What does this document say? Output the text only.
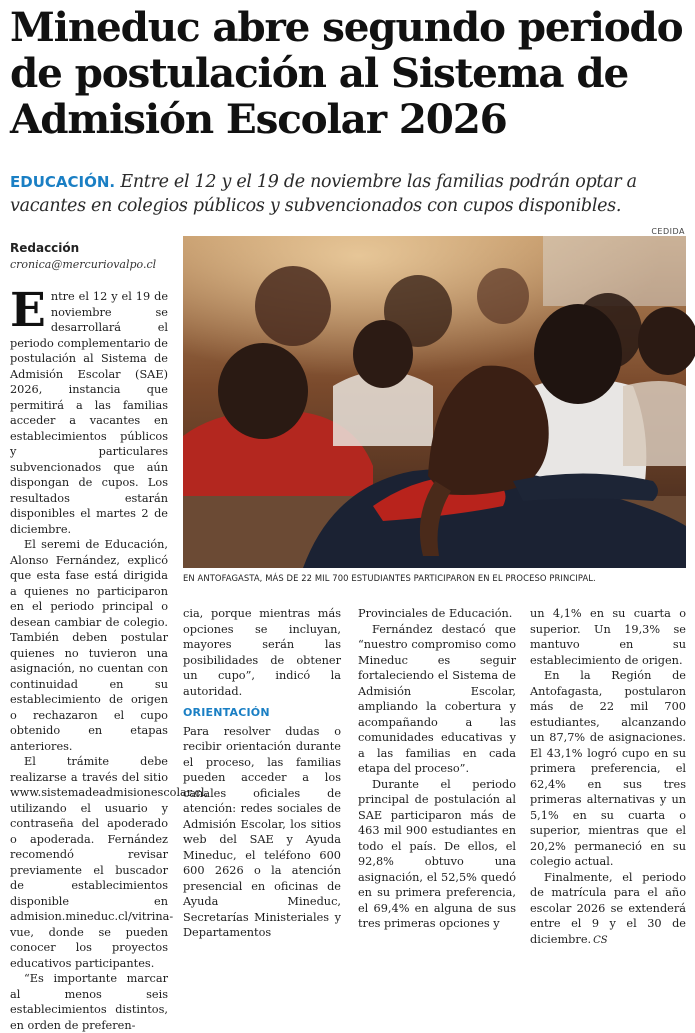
Mineduc abre segundo periodo
de postulación al Sistema de
Admisión Escolar 2026
EDUCACIÓN. Entre el 12 y el 19 de noviembre las familias podrán optar a vacantes en colegios públicos y subvencionados con cupos disponibles.
Redacción
cronica@mercuriovalpo.cl
CEDIDA
EN ANTOFAGASTA, MÁS DE 22 MIL 700 ESTUDIANTES PARTICIPARON EN EL PROCESO PRINCIPAL.

Entre el 12 y el 19 de noviembre se desarrollará el periodo complementario de postulación al Sistema de Admisión Escolar (SAE) 2026, instancia que permitirá a las familias acceder a vacantes en establecimientos públicos y particulares subvencionados que aún dispongan de cupos. Los resultados estarán disponibles el martes 2 de diciembre.

El seremi de Educación, Alonso Fernández, explicó que esta fase está dirigida a quienes no participaron en el periodo principal o desean cambiar de colegio. También deben postular quienes no tuvieron una asignación, no cuentan con continuidad en su establecimiento de origen o rechazaron el cupo obtenido en etapas anteriores.

El trámite debe realizarse a través del sitio www.sistemadeadmisionescolar.cl, utilizando el usuario y contraseña del apoderado o apoderada. Fernández recomendó revisar previamente el buscador de establecimientos disponible en admision.mineduc.cl/vitrina-vue, donde se pueden conocer los proyectos educativos participantes.

“Es importante marcar al menos seis establecimientos distintos, en orden de preferen-

cia, porque mientras más opciones se incluyan, mayores serán las posibilidades de obtener un cupo”, indicó la autoridad.

ORIENTACIÓN

Para resolver dudas o recibir orientación durante el proceso, las familias pueden acceder a los canales oficiales de atención: redes sociales de Admisión Escolar, los sitios web del SAE y Ayuda Mineduc, el teléfono 600 600 2626 o la atención presencial en oficinas de Ayuda Mineduc, Secretarías Ministeriales y Departamentos

Provinciales de Educación.

Fernández destacó que “nuestro compromiso como Mineduc es seguir fortaleciendo el Sistema de Admisión Escolar, ampliando la cobertura y acompañando a las comunidades educativas y a las familias en cada etapa del proceso”.

Durante el periodo principal de postulación al SAE participaron más de 463 mil 900 estudiantes en todo el país. De ellos, el 92,8% obtuvo una asignación, el 52,5% quedó en su primera preferencia, el 69,4% en alguna de sus tres primeras opciones y

un 4,1% en su cuarta o superior. Un 19,3% se mantuvo en su establecimiento de origen.

En la Región de Antofagasta, postularon más de 22 mil 700 estudiantes, alcanzando un 87,7% de asignaciones. El 43,1% logró cupo en su primera preferencia, el 62,4% en sus tres primeras alternativas y un 5,1% en su cuarta o superior, mientras que el 20,2% permaneció en su colegio actual.

Finalmente, el periodo de matrícula para el año escolar 2026 se extenderá entre el 9 y el 30 de diciembre. CS
